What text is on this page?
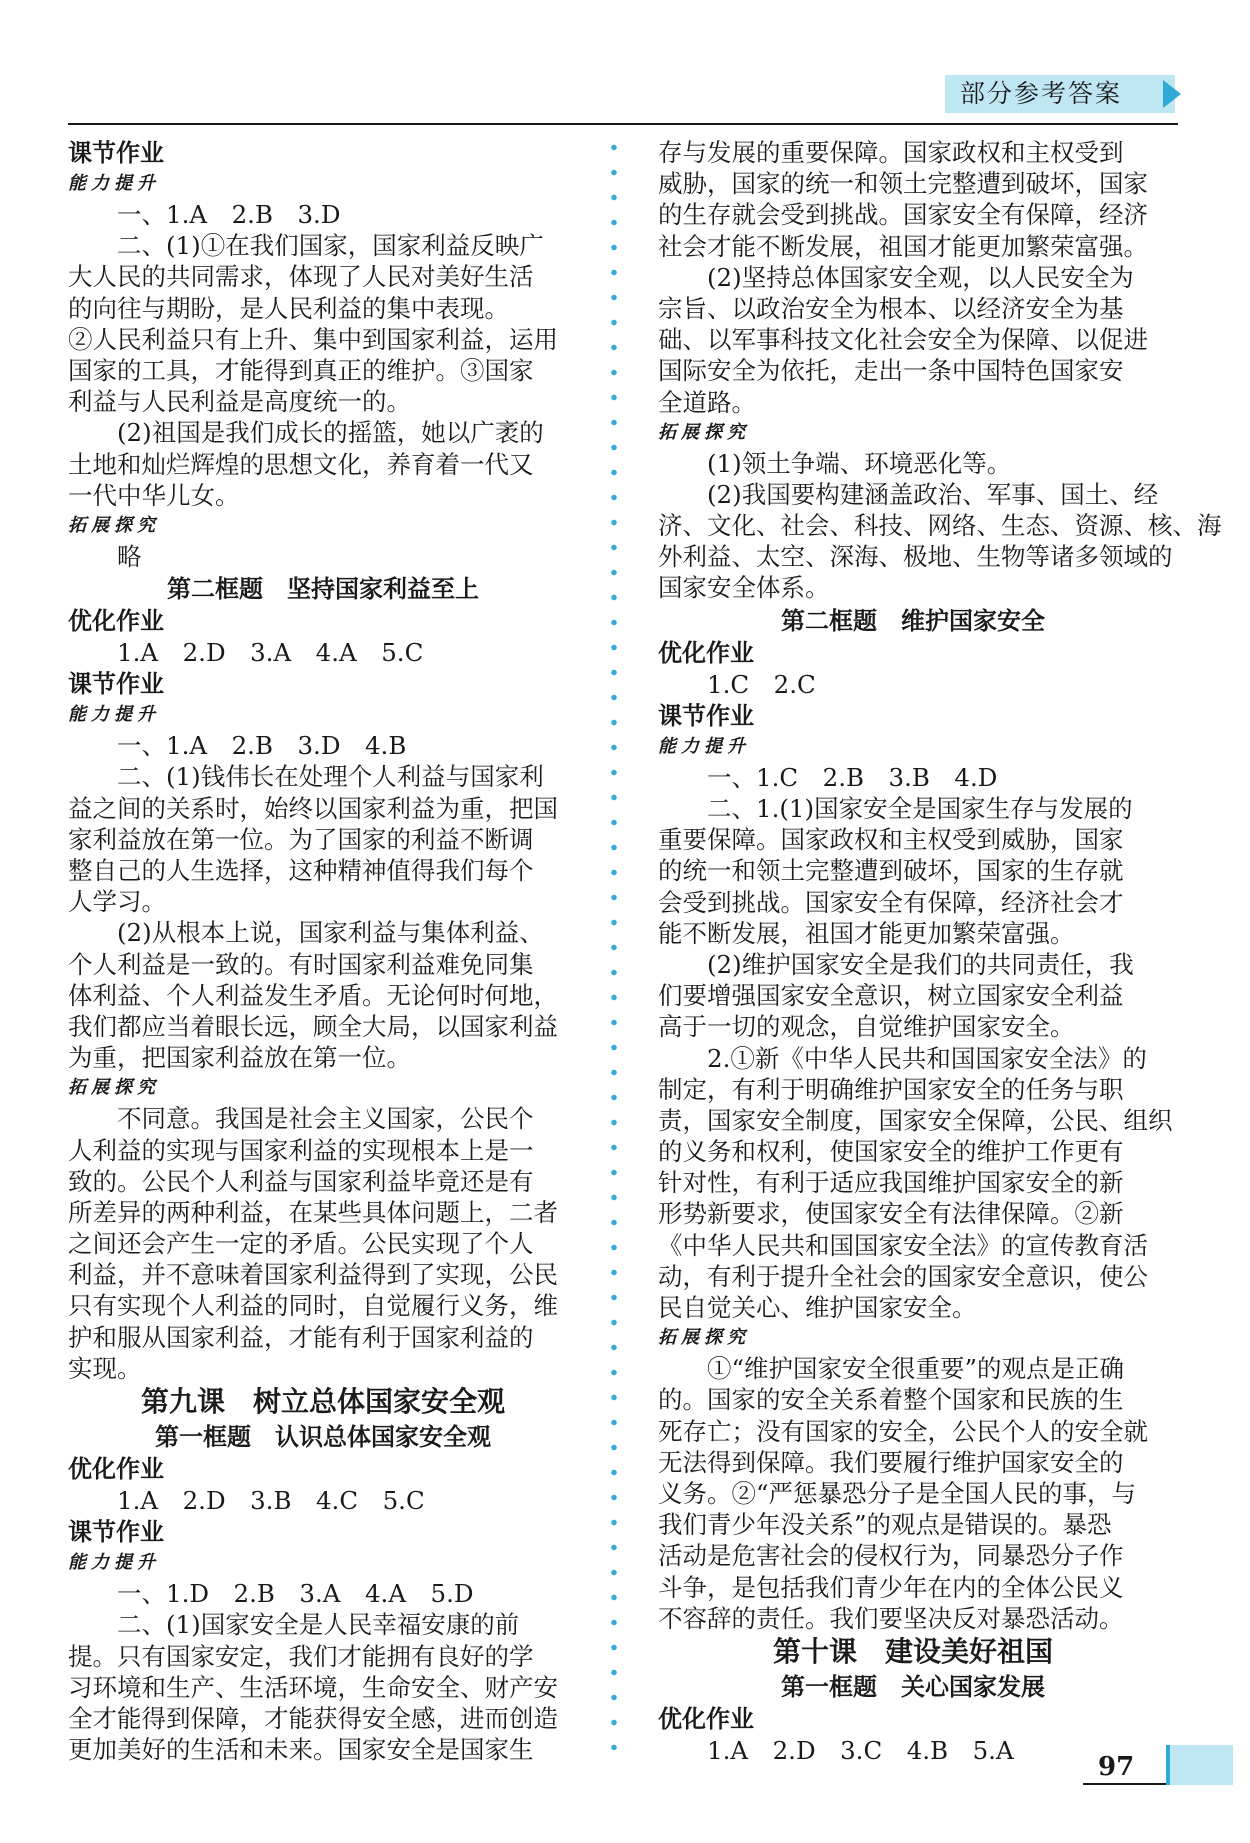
部分参考答案
课节作业
能力提升
一、1.A　2.B　3.D
二、(1)①在我们国家，国家利益反映广
大人民的共同需求，体现了人民对美好生活
的向往与期盼，是人民利益的集中表现。
②人民利益只有上升、集中到国家利益，运用
国家的工具，才能得到真正的维护。③国家
利益与人民利益是高度统一的。
(2)祖国是我们成长的摇篮，她以广袤的
土地和灿烂辉煌的思想文化，养育着一代又
一代中华儿女。
拓展探究
略
第二框题　坚持国家利益至上
优化作业
1.A　2.D　3.A　4.A　5.C
课节作业
能力提升
一、1.A　2.B　3.D　4.B
二、(1)钱伟长在处理个人利益与国家利
益之间的关系时，始终以国家利益为重，把国
家利益放在第一位。为了国家的利益不断调
整自己的人生选择，这种精神值得我们每个
人学习。
(2)从根本上说，国家利益与集体利益、
个人利益是一致的。有时国家利益难免同集
体利益、个人利益发生矛盾。无论何时何地，
我们都应当着眼长远，顾全大局，以国家利益
为重，把国家利益放在第一位。
拓展探究
不同意。我国是社会主义国家，公民个
人利益的实现与国家利益的实现根本上是一
致的。公民个人利益与国家利益毕竟还是有
所差异的两种利益，在某些具体问题上，二者
之间还会产生一定的矛盾。公民实现了个人
利益，并不意味着国家利益得到了实现，公民
只有实现个人利益的同时，自觉履行义务，维
护和服从国家利益，才能有利于国家利益的
实现。
第九课　树立总体国家安全观
第一框题　认识总体国家安全观
优化作业
1.A　2.D　3.B　4.C　5.C
课节作业
能力提升
一、1.D　2.B　3.A　4.A　5.D
二、(1)国家安全是人民幸福安康的前
提。只有国家安定，我们才能拥有良好的学
习环境和生产、生活环境，生命安全、财产安
全才能得到保障，才能获得安全感，进而创造
更加美好的生活和未来。国家安全是国家生
存与发展的重要保障。国家政权和主权受到
威胁，国家的统一和领土完整遭到破坏，国家
的生存就会受到挑战。国家安全有保障，经济
社会才能不断发展，祖国才能更加繁荣富强。
(2)坚持总体国家安全观，以人民安全为
宗旨、以政治安全为根本、以经济安全为基
础、以军事科技文化社会安全为保障、以促进
国际安全为依托，走出一条中国特色国家安
全道路。
拓展探究
(1)领土争端、环境恶化等。
(2)我国要构建涵盖政治、军事、国土、经
济、文化、社会、科技、网络、生态、资源、核、海
外利益、太空、深海、极地、生物等诸多领域的
国家安全体系。
第二框题　维护国家安全
优化作业
1.C　2.C
课节作业
能力提升
一、1.C　2.B　3.B　4.D
二、1.(1)国家安全是国家生存与发展的
重要保障。国家政权和主权受到威胁，国家
的统一和领土完整遭到破坏，国家的生存就
会受到挑战。国家安全有保障，经济社会才
能不断发展，祖国才能更加繁荣富强。
(2)维护国家安全是我们的共同责任，我
们要增强国家安全意识，树立国家安全利益
高于一切的观念，自觉维护国家安全。
2.①新《中华人民共和国国家安全法》的
制定，有利于明确维护国家安全的任务与职
责，国家安全制度，国家安全保障，公民、组织
的义务和权利，使国家安全的维护工作更有
针对性，有利于适应我国维护国家安全的新
形势新要求，使国家安全有法律保障。②新
《中华人民共和国国家安全法》的宣传教育活
动，有利于提升全社会的国家安全意识，使公
民自觉关心、维护国家安全。
拓展探究
①“维护国家安全很重要”的观点是正确
的。国家的安全关系着整个国家和民族的生
死存亡；没有国家的安全，公民个人的安全就
无法得到保障。我们要履行维护国家安全的
义务。②“严惩暴恐分子是全国人民的事，与
我们青少年没关系”的观点是错误的。暴恐
活动是危害社会的侵权行为，同暴恐分子作
斗争，是包括我们青少年在内的全体公民义
不容辞的责任。我们要坚决反对暴恐活动。
第十课　建设美好祖国
第一框题　关心国家发展
优化作业
1.A　2.D　3.C　4.B　5.A
97
